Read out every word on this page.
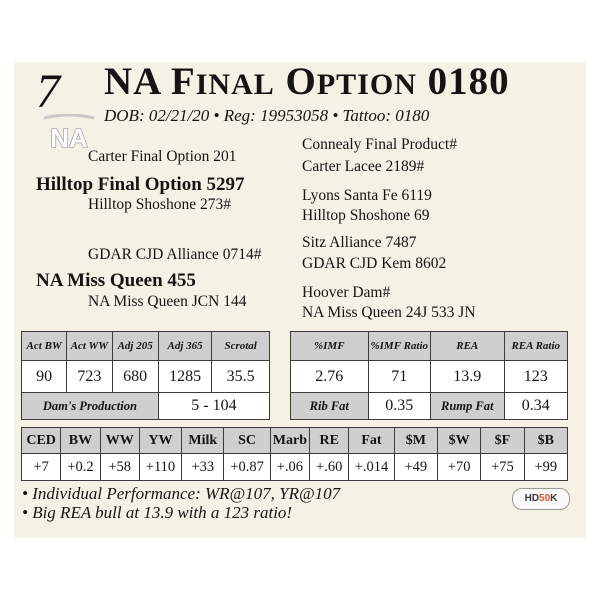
7
NA
NA FINAL OPTION 0180
DOB: 02/21/20 • Reg: 19953058 • Tattoo: 0180
Carter Final Option 201
Hilltop Final Option 5297
Hilltop Shoshone 273#
GDAR CJD Alliance 0714#
NA Miss Queen 455
NA Miss Queen JCN 144
Connealy Final Product#
Carter Lacee 2189#
Lyons Santa Fe 6119
Hilltop Shoshone 69
Sitz Alliance 7487
GDAR CJD Kem 8602
Hoover Dam#
NA Miss Queen 24J 533 JN
Act BW	Act WW	Adj 205	Adj 365	Scrotal
90	723	680	1285	35.5
Dam's Production			5 - 104	
%IMF	%IMF Ratio	REA	REA Ratio
2.76	71	13.9	123
Rib Fat	0.35	Rump Fat	0.34
CED	BW	WW	YW	Milk	SC	Marb	RE	Fat	$M	$W	$F	$B
+7	+0.2	+58	+110	+33	+0.87	+.06	+.60	+.014	+49	+70	+75	+99
• Individual Performance: WR@107, YR@107
• Big REA bull at 13.9 with a 123 ratio!
HD50K
